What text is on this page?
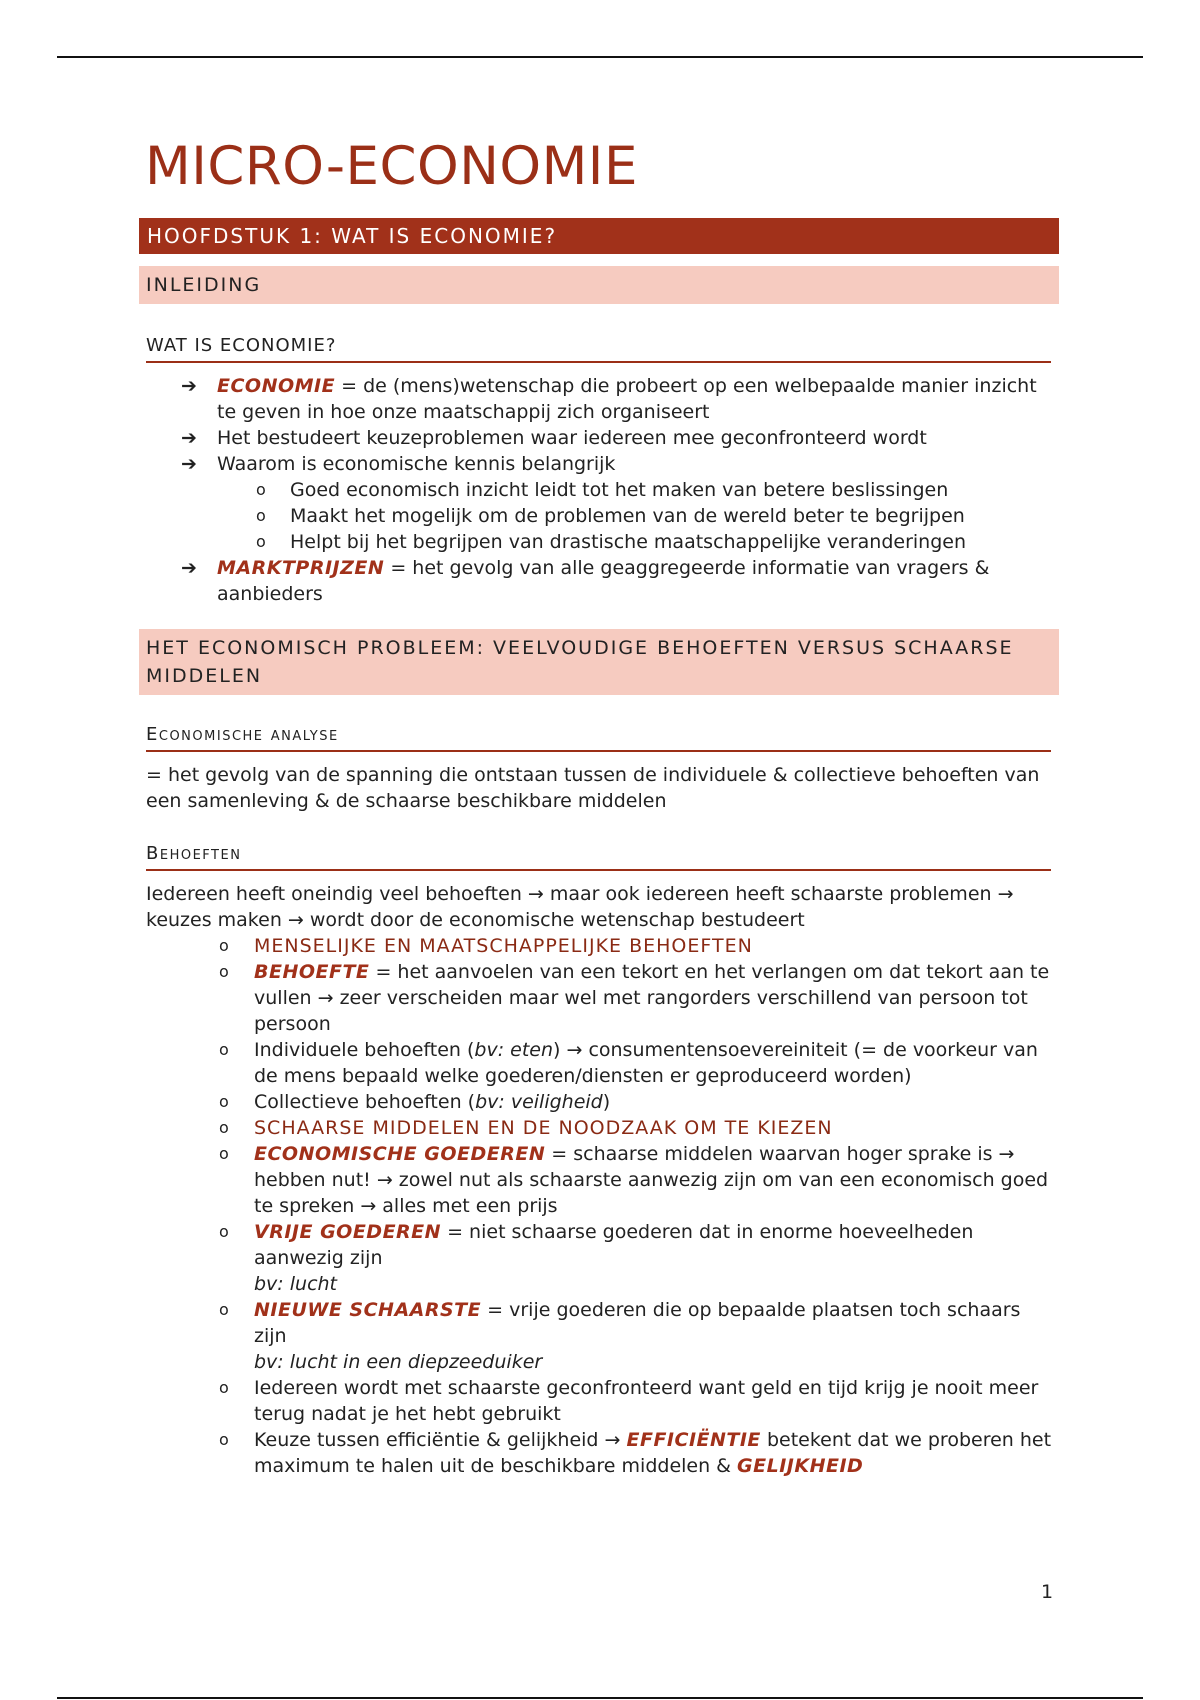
MICRO-ECONOMIE
HOOFDSTUK 1: WAT IS ECONOMIE?
INLEIDING
WAT IS ECONOMIE?
➔ ECONOMIE = de (mens)wetenschap die probeert op een welbepaalde manier inzicht te geven in hoe onze maatschappij zich organiseert
➔ Het bestudeert keuzeproblemen waar iedereen mee geconfronteerd wordt
➔ Waarom is economische kennis belangrijk
o Goed economisch inzicht leidt tot het maken van betere beslissingen
o Maakt het mogelijk om de problemen van de wereld beter te begrijpen
o Helpt bij het begrijpen van drastische maatschappelijke veranderingen
➔ MARKTPRIJZEN = het gevolg van alle geaggregeerde informatie van vragers & aanbieders
HET ECONOMISCH PROBLEEM: VEELVOUDIGE BEHOEFTEN VERSUS SCHAARSE MIDDELEN
Economische analyse
= het gevolg van de spanning die ontstaan tussen de individuele & collectieve behoeften van een samenleving & de schaarse beschikbare middelen
Behoeften
Iedereen heeft oneindig veel behoeften → maar ook iedereen heeft schaarste problemen → keuzes maken → wordt door de economische wetenschap bestudeert
o MENSELIJKE EN MAATSCHAPPELIJKE BEHOEFTEN
o BEHOEFTE = het aanvoelen van een tekort en het verlangen om dat tekort aan te vullen → zeer verscheiden maar wel met rangorders verschillend van persoon tot persoon
o Individuele behoeften (bv: eten) → consumentensoevereiniteit (= de voorkeur van de mens bepaald welke goederen/diensten er geproduceerd worden)
o Collectieve behoeften (bv: veiligheid)
o SCHAARSE MIDDELEN EN DE NOODZAAK OM TE KIEZEN
o ECONOMISCHE GOEDEREN = schaarse middelen waarvan hoger sprake is → hebben nut! → zowel nut als schaarste aanwezig zijn om van een economisch goed te spreken → alles met een prijs
o VRIJE GOEDEREN = niet schaarse goederen dat in enorme hoeveelheden aanwezig zijn
bv: lucht
o NIEUWE SCHAARSTE = vrije goederen die op bepaalde plaatsen toch schaars zijn
bv: lucht in een diepzeeduiker
o Iedereen wordt met schaarste geconfronteerd want geld en tijd krijg je nooit meer terug nadat je het hebt gebruikt
o Keuze tussen efficiëntie & gelijkheid → EFFICIËNTIE betekent dat we proberen het maximum te halen uit de beschikbare middelen & GELIJKHEID
1
